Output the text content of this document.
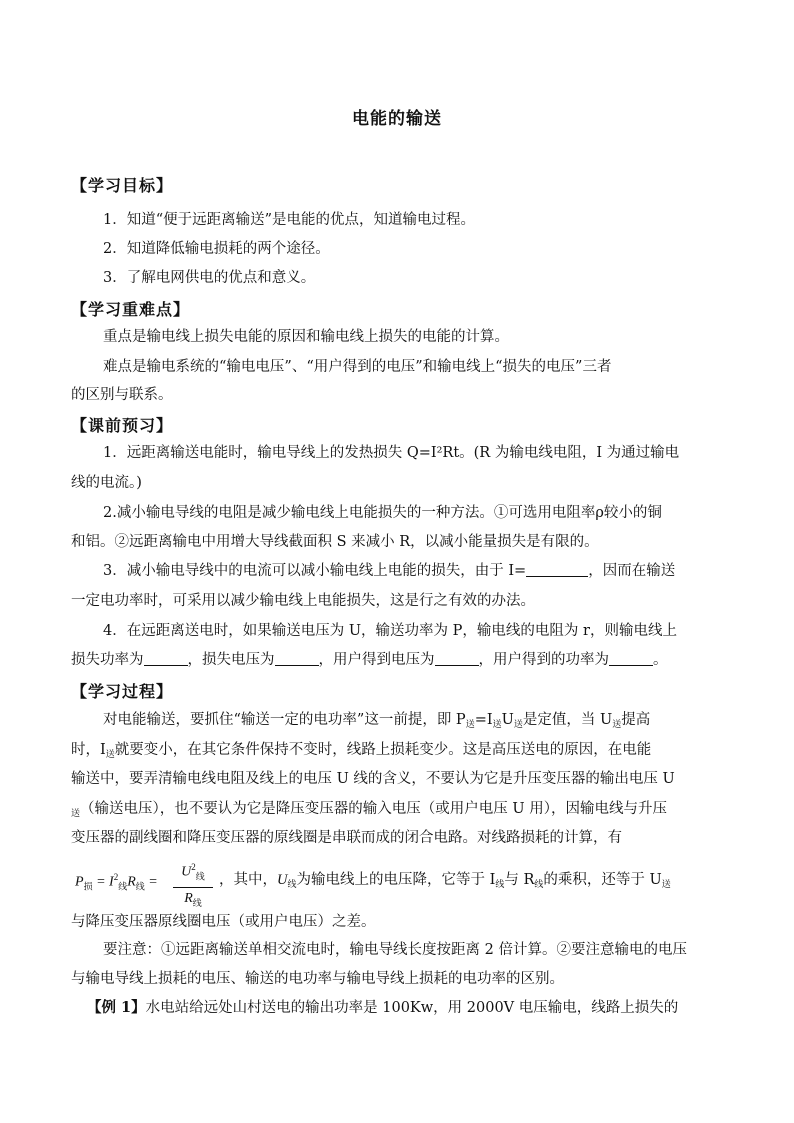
电能的输送
【学习目标】
1．知道“便于远距离输送”是电能的优点，知道输电过程。
2．知道降低输电损耗的两个途径。
3．了解电网供电的优点和意义。
【学习重难点】
重点是输电线上损失电能的原因和输电线上损失的电能的计算。
难点是输电系统的“输电电压”、“用户得到的电压”和输电线上“损失的电压”三者
的区别与联系。
【课前预习】
1．远距离输送电能时，输电导线上的发热损失 Q=I²Rt。(R 为输电线电阻，I 为通过输电
线的电流。)
2.减小输电导线的电阻是减少输电线上电能损失的一种方法。①可选用电阻率ρ较小的铜
和铝。②远距离输电中用增大导线截面积 S 来减小 R，以减小能量损失是有限的。
3．减小输电导线中的电流可以减小输电线上电能的损失，由于 I=	，因而在输送
一定电功率时，可采用以减少输电线上电能损失，这是行之有效的办法。
4．在远距离送电时，如果输送电压为 U，输送功率为 P，输电线的电阻为 r，则输电线上
损失功率为	，损失电压为	，用户得到电压为	，用户得到的功率为	。
【学习过程】
对电能输送，要抓住“输送一定的电功率”这一前提，即 $P_送=I_送U_送$是定值，当 $U_送$提高
时，$I_送$就要变小，在其它条件保持不变时，线路上损耗变少。这是高压送电的原因，在电能
输送中，要弄清输电线电阻及线上的电压 U 线的含义，不要认为它是升压变压器的输出电压 U
$_送$（输送电压），也不要认为它是降压变压器的输入电压（或用户电压 U 用），因输电线与升压
变压器的副线圈和降压变压器的原线圈是串联而成的闭合电路。对线路损耗的计算，有
$P_损 = I^2_线R_线$ =
$U^2_线$
$R_线$
，其中，$U_线$为输电线上的电压降，它等于 $I_线$与 $R_线$的乘积，还等于 $U_送$
与降压变压器原线圈电压（或用户电压）之差。
要注意：①远距离输送单相交流电时，输电导线长度按距离 2 倍计算。②要注意输电的电压
与输电导线上损耗的电压、输送的电功率与输电导线上损耗的电功率的区别。
【例 1】水电站给远处山村送电的输出功率是 100Kw，用 2000V 电压输电，线路上损失的
